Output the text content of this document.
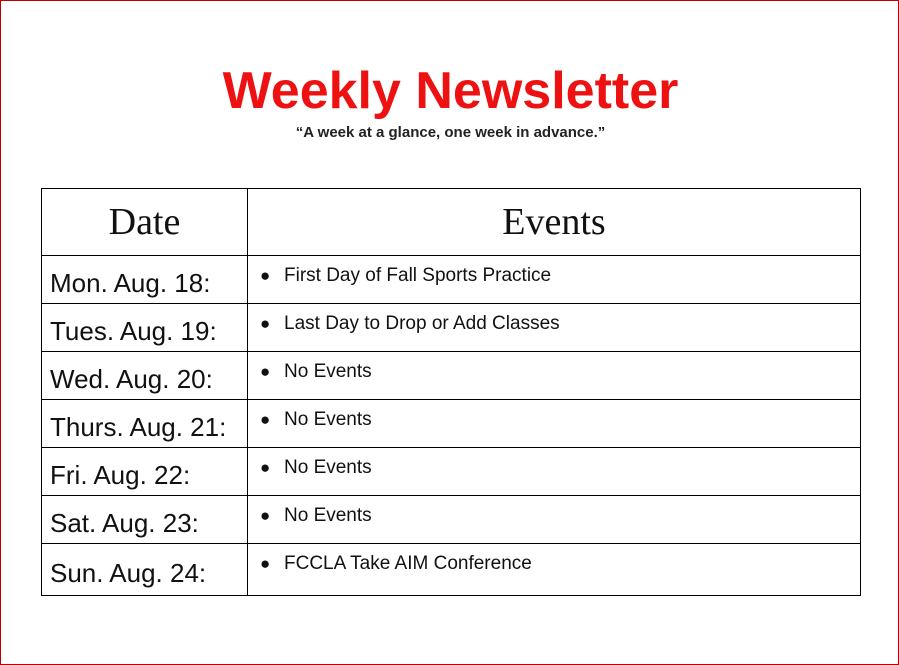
Weekly Newsletter

“A week at a glance, one week in advance.”

Date	Events
Mon. Aug. 18:	● First Day of Fall Sports Practice
Tues. Aug. 19:	● Last Day to Drop or Add Classes
Wed. Aug. 20:	● No Events
Thurs. Aug. 21:	● No Events
Fri. Aug. 22:	● No Events
Sat. Aug. 23:	● No Events
Sun. Aug. 24:	● FCCLA Take AIM Conference
